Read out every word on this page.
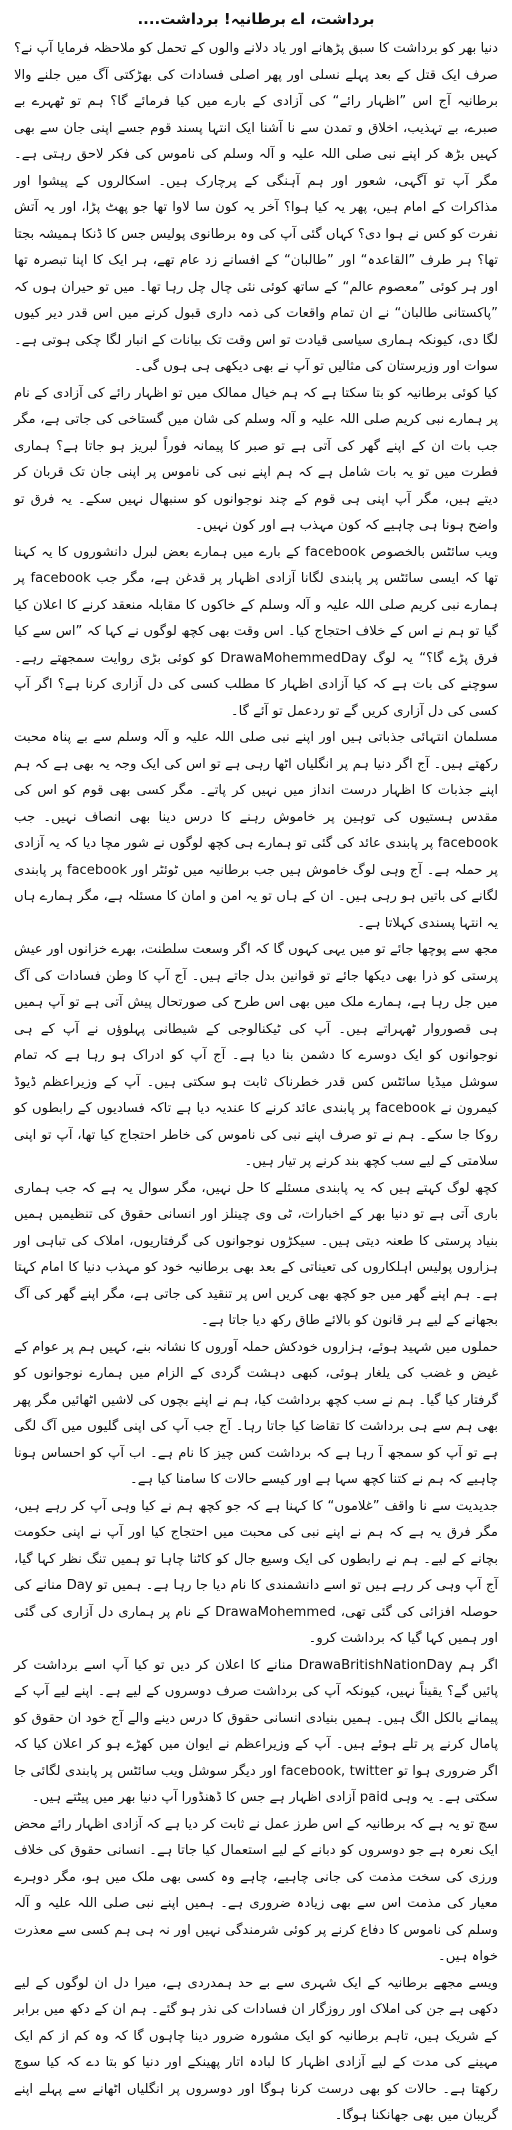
برداشت، اے برطانیہ! برداشت....

دنیا بھر کو برداشت کا سبق پڑھانے اور یاد دلانے والوں کے تحمل کو ملاحظہ فرمایا آپ نے؟ صرف ایک قتل کے بعد پہلے نسلی اور پھر اصلی فسادات کی بھڑکتی آگ میں جلنے والا برطانیہ آج اس ”اظہار رائے“ کی آزادی کے بارے میں کیا فرمائے گا؟ ہم تو ٹھہرے بے صبرے، بے تہذیب، اخلاق و تمدن سے نا آشنا ایک انتہا پسند قوم جسے اپنی جان سے بھی کہیں بڑھ کر اپنے نبی صلی اللہ علیہ و آلہ وسلم کی ناموس کی فکر لاحق رہتی ہے۔ مگر آپ تو آگہی، شعور اور ہم آہنگی کے پرچارک ہیں۔ اسکالروں کے پیشوا اور مذاکرات کے امام ہیں، پھر یہ کیا ہوا؟ آخر یہ کون سا لاوا تھا جو پھٹ پڑا، اور یہ آتش نفرت کو کس نے ہوا دی؟ کہاں گئی آپ کی وہ برطانوی پولیس جس کا ڈنکا ہمیشہ بجتا تھا؟ ہر طرف ”القاعدہ“ اور ”طالبان“ کے افسانے زد عام تھے، ہر ایک کا اپنا تبصرہ تھا اور ہر کوئی ”معصوم عالم“ کے ساتھ کوئی نئی چال چل رہا تھا۔ میں تو حیران ہوں کہ ”پاکستانی طالبان“ نے ان تمام واقعات کی ذمہ داری قبول کرنے میں اس قدر دیر کیوں لگا دی، کیونکہ ہماری سیاسی قیادت تو اس وقت تک بیانات کے انبار لگا چکی ہوتی ہے۔ سوات اور وزیرستان کی مثالیں تو آپ نے بھی دیکھی ہی ہوں گی۔

کیا کوئی برطانیہ کو بتا سکتا ہے کہ ہم خیال ممالک میں تو اظہار رائے کی آزادی کے نام پر ہمارے نبی کریم صلی اللہ علیہ و آلہ وسلم کی شان میں گستاخی کی جاتی ہے، مگر جب بات ان کے اپنے گھر کی آتی ہے تو صبر کا پیمانہ فوراً لبریز ہو جاتا ہے؟ ہماری فطرت میں تو یہ بات شامل ہے کہ ہم اپنے نبی کی ناموس پر اپنی جان تک قربان کر دیتے ہیں، مگر آپ اپنی ہی قوم کے چند نوجوانوں کو سنبھال نہیں سکے۔ یہ فرق تو واضح ہونا ہی چاہیے کہ کون مہذب ہے اور کون نہیں۔

ویب سائٹس بالخصوص facebook کے بارے میں ہمارے بعض لبرل دانشوروں کا یہ کہنا تھا کہ ایسی سائٹس پر پابندی لگانا آزادی اظہار پر قدغن ہے، مگر جب facebook پر ہمارے نبی کریم صلی اللہ علیہ و آلہ وسلم کے خاکوں کا مقابلہ منعقد کرنے کا اعلان کیا گیا تو ہم نے اس کے خلاف احتجاج کیا۔ اس وقت بھی کچھ لوگوں نے کہا کہ ”اس سے کیا فرق پڑے گا؟“ یہ لوگ DrawaMohemmedDay کو کوئی بڑی روایت سمجھتے رہے۔ سوچنے کی بات ہے کہ کیا آزادی اظہار کا مطلب کسی کی دل آزاری کرنا ہے؟ اگر آپ کسی کی دل آزاری کریں گے تو ردعمل تو آئے گا۔

مسلمان انتہائی جذباتی ہیں اور اپنے نبی صلی اللہ علیہ و آلہ وسلم سے بے پناہ محبت رکھتے ہیں۔ آج اگر دنیا ہم پر انگلیاں اٹھا رہی ہے تو اس کی ایک وجہ یہ بھی ہے کہ ہم اپنے جذبات کا اظہار درست انداز میں نہیں کر پاتے۔ مگر کسی بھی قوم کو اس کی مقدس ہستیوں کی توہین پر خاموش رہنے کا درس دینا بھی انصاف نہیں۔ جب facebook پر پابندی عائد کی گئی تو ہمارے ہی کچھ لوگوں نے شور مچا دیا کہ یہ آزادی پر حملہ ہے۔ آج وہی لوگ خاموش ہیں جب برطانیہ میں ٹوئٹر اور facebook پر پابندی لگانے کی باتیں ہو رہی ہیں۔ ان کے ہاں تو یہ امن و امان کا مسئلہ ہے، مگر ہمارے ہاں یہ انتہا پسندی کہلاتا ہے۔

مجھ سے پوچھا جائے تو میں یہی کہوں گا کہ اگر وسعت سلطنت، بھرے خزانوں اور عیش پرستی کو ذرا بھی دیکھا جائے تو قوانین بدل جاتے ہیں۔ آج آپ کا وطن فسادات کی آگ میں جل رہا ہے، ہمارے ملک میں بھی اس طرح کی صورتحال پیش آتی ہے تو آپ ہمیں ہی قصوروار ٹھہراتے ہیں۔ آپ کی ٹیکنالوجی کے شیطانی پہلوؤں نے آپ کے ہی نوجوانوں کو ایک دوسرے کا دشمن بنا دیا ہے۔ آج آپ کو ادراک ہو رہا ہے کہ تمام سوشل میڈیا سائٹس کس قدر خطرناک ثابت ہو سکتی ہیں۔ آپ کے وزیراعظم ڈیوڈ کیمرون نے facebook پر پابندی عائد کرنے کا عندیہ دیا ہے تاکہ فسادیوں کے رابطوں کو روکا جا سکے۔ ہم نے تو صرف اپنے نبی کی ناموس کی خاطر احتجاج کیا تھا، آپ تو اپنی سلامتی کے لیے سب کچھ بند کرنے پر تیار ہیں۔

کچھ لوگ کہتے ہیں کہ یہ پابندی مسئلے کا حل نہیں، مگر سوال یہ ہے کہ جب ہماری باری آتی ہے تو دنیا بھر کے اخبارات، ٹی وی چینلز اور انسانی حقوق کی تنظیمیں ہمیں بنیاد پرستی کا طعنہ دیتی ہیں۔ سیکڑوں نوجوانوں کی گرفتاریوں، املاک کی تباہی اور ہزاروں پولیس اہلکاروں کی تعیناتی کے بعد بھی برطانیہ خود کو مہذب دنیا کا امام کہتا ہے۔ ہم اپنے گھر میں جو کچھ بھی کریں اس پر تنقید کی جاتی ہے، مگر اپنے گھر کی آگ بجھانے کے لیے ہر قانون کو بالائے طاق رکھ دیا جاتا ہے۔

حملوں میں شہید ہوئے، ہزاروں خودکش حملہ آوروں کا نشانہ بنے، کہیں ہم پر عوام کے غیض و غضب کی یلغار ہوئی، کبھی دہشت گردی کے الزام میں ہمارے نوجوانوں کو گرفتار کیا گیا۔ ہم نے سب کچھ برداشت کیا، ہم نے اپنے بچوں کی لاشیں اٹھائیں مگر پھر بھی ہم سے ہی برداشت کا تقاضا کیا جاتا رہا۔ آج جب آپ کی اپنی گلیوں میں آگ لگی ہے تو آپ کو سمجھ آ رہا ہے کہ برداشت کس چیز کا نام ہے۔ اب آپ کو احساس ہونا چاہیے کہ ہم نے کتنا کچھ سہا ہے اور کیسے حالات کا سامنا کیا ہے۔

جدیدیت سے نا واقف ”غلاموں“ کا کہنا ہے کہ جو کچھ ہم نے کیا وہی آپ کر رہے ہیں، مگر فرق یہ ہے کہ ہم نے اپنے نبی کی محبت میں احتجاج کیا اور آپ نے اپنی حکومت بچانے کے لیے۔ ہم نے رابطوں کی ایک وسیع جال کو کاٹنا چاہا تو ہمیں تنگ نظر کہا گیا، آج آپ وہی کر رہے ہیں تو اسے دانشمندی کا نام دیا جا رہا ہے۔ ہمیں تو Day منانے کی حوصلہ افزائی کی گئی تھی، DrawaMohemmed کے نام پر ہماری دل آزاری کی گئی اور ہمیں کہا گیا کہ برداشت کرو۔

اگر ہم DrawaBritishNationDay منانے کا اعلان کر دیں تو کیا آپ اسے برداشت کر پائیں گے؟ یقیناً نہیں، کیونکہ آپ کی برداشت صرف دوسروں کے لیے ہے۔ اپنے لیے آپ کے پیمانے بالکل الگ ہیں۔ ہمیں بنیادی انسانی حقوق کا درس دینے والے آج خود ان حقوق کو پامال کرنے پر تلے ہوئے ہیں۔ آپ کے وزیراعظم نے ایوان میں کھڑے ہو کر اعلان کیا کہ اگر ضروری ہوا تو facebook, twitter اور دیگر سوشل ویب سائٹس پر پابندی لگائی جا سکتی ہے۔ یہ وہی paid آزادی اظہار ہے جس کا ڈھنڈورا آپ دنیا بھر میں پیٹتے ہیں۔

سچ تو یہ ہے کہ برطانیہ کے اس طرز عمل نے ثابت کر دیا ہے کہ آزادی اظہار رائے محض ایک نعرہ ہے جو دوسروں کو دبانے کے لیے استعمال کیا جاتا ہے۔ انسانی حقوق کی خلاف ورزی کی سخت مذمت کی جانی چاہیے، چاہے وہ کسی بھی ملک میں ہو، مگر دوہرے معیار کی مذمت اس سے بھی زیادہ ضروری ہے۔ ہمیں اپنے نبی صلی اللہ علیہ و آلہ وسلم کی ناموس کا دفاع کرنے پر کوئی شرمندگی نہیں اور نہ ہی ہم کسی سے معذرت خواہ ہیں۔

ویسے مجھے برطانیہ کے ایک شہری سے بے حد ہمدردی ہے، میرا دل ان لوگوں کے لیے دکھی ہے جن کی املاک اور روزگار ان فسادات کی نذر ہو گئے۔ ہم ان کے دکھ میں برابر کے شریک ہیں، تاہم برطانیہ کو ایک مشورہ ضرور دینا چاہوں گا کہ وہ کم از کم ایک مہینے کی مدت کے لیے آزادی اظہار کا لبادہ اتار پھینکے اور دنیا کو بتا دے کہ کیا سوچ رکھتا ہے۔ حالات کو بھی درست کرنا ہوگا اور دوسروں پر انگلیاں اٹھانے سے پہلے اپنے گریبان میں بھی جھانکنا ہوگا۔
